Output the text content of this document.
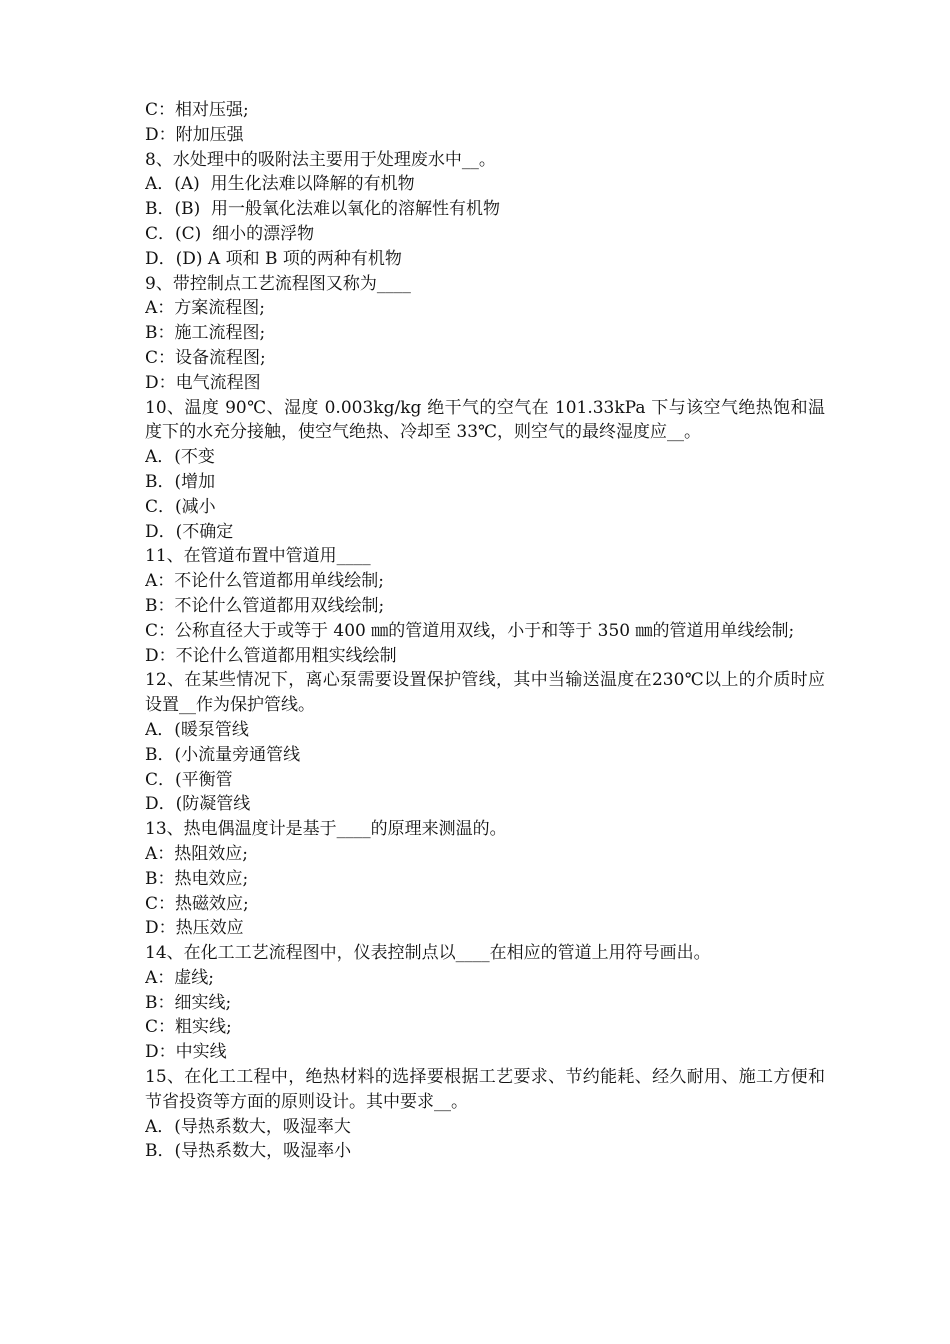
C：相对压强;
D：附加压强
8、水处理中的吸附法主要用于处理废水中__。
A．(A)  用生化法难以降解的有机物
B．(B)  用一般氧化法难以氧化的溶解性有机物
C．(C)  细小的漂浮物
D．(D) A 项和 B 项的两种有机物
9、带控制点工艺流程图又称为____
A：方案流程图;
B：施工流程图;
C：设备流程图;
D：电气流程图
10、温度 90℃、湿度 0.003kg/kg 绝干气的空气在 101.33kPa 下与该空气绝热饱和温度下的水充分接触，使空气绝热、冷却至 33℃，则空气的最终湿度应__。
A．(不变
B．(增加
C．(减小
D．(不确定
11、在管道布置中管道用____
A：不论什么管道都用单线绘制;
B：不论什么管道都用双线绘制;
C：公称直径大于或等于 400 ㎜的管道用双线，小于和等于 350 ㎜的管道用单线绘制;
D：不论什么管道都用粗实线绘制
12、在某些情况下，离心泵需要设置保护管线，其中当输送温度在230℃以上的介质时应设置__作为保护管线。
A．(暖泵管线
B．(小流量旁通管线
C．(平衡管
D．(防凝管线
13、热电偶温度计是基于____的原理来测温的。
A：热阻效应;
B：热电效应;
C：热磁效应;
D：热压效应
14、在化工工艺流程图中，仪表控制点以____在相应的管道上用符号画出。
A：虚线;
B：细实线;
C：粗实线;
D：中实线
15、在化工工程中，绝热材料的选择要根据工艺要求、节约能耗、经久耐用、施工方便和节省投资等方面的原则设计。其中要求__。
A．(导热系数大，吸湿率大
B．(导热系数大，吸湿率小
